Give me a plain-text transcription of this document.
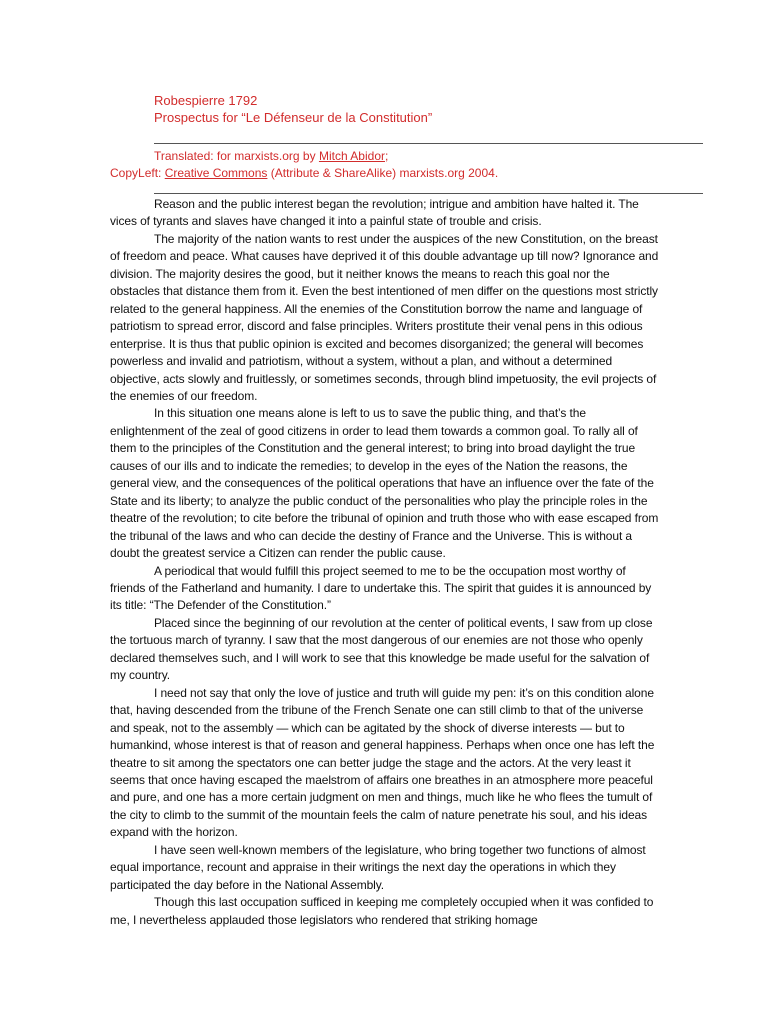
Robespierre 1792
Prospectus for “Le Défenseur de la Constitution”
Translated: for marxists.org by Mitch Abidor;
CopyLeft: Creative Commons (Attribute & ShareAlike) marxists.org 2004.

Reason and the public interest began the revolution; intrigue and ambition have halted it. The vices of tyrants and slaves have changed it into a painful state of trouble and crisis.

The majority of the nation wants to rest under the auspices of the new Constitution, on the breast of freedom and peace. What causes have deprived it of this double advantage up till now? Ignorance and division. The majority desires the good, but it neither knows the means to reach this goal nor the obstacles that distance them from it. Even the best intentioned of men differ on the questions most strictly related to the general happiness. All the enemies of the Constitution borrow the name and language of patriotism to spread error, discord and false principles. Writers prostitute their venal pens in this odious enterprise. It is thus that public opinion is excited and becomes disorganized; the general will becomes powerless and invalid and patriotism, without a system, without a plan, and without a determined objective, acts slowly and fruitlessly, or sometimes seconds, through blind impetuosity, the evil projects of the enemies of our freedom.

In this situation one means alone is left to us to save the public thing, and that’s the enlightenment of the zeal of good citizens in order to lead them towards a common goal. To rally all of them to the principles of the Constitution and the general interest; to bring into broad daylight the true causes of our ills and to indicate the remedies; to develop in the eyes of the Nation the reasons, the general view, and the consequences of the political operations that have an influence over the fate of the State and its liberty; to analyze the public conduct of the personalities who play the principle roles in the theatre of the revolution; to cite before the tribunal of opinion and truth those who with ease escaped from the tribunal of the laws and who can decide the destiny of France and the Universe. This is without a doubt the greatest service a Citizen can render the public cause.

A periodical that would fulfill this project seemed to me to be the occupation most worthy of friends of the Fatherland and humanity. I dare to undertake this. The spirit that guides it is announced by its title: “The Defender of the Constitution.”

Placed since the beginning of our revolution at the center of political events, I saw from up close the tortuous march of tyranny. I saw that the most dangerous of our enemies are not those who openly declared themselves such, and I will work to see that this knowledge be made useful for the salvation of my country.

I need not say that only the love of justice and truth will guide my pen: it’s on this condition alone that, having descended from the tribune of the French Senate one can still climb to that of the universe and speak, not to the assembly — which can be agitated by the shock of diverse interests — but to humankind, whose interest is that of reason and general happiness. Perhaps when once one has left the theatre to sit among the spectators one can better judge the stage and the actors. At the very least it seems that once having escaped the maelstrom of affairs one breathes in an atmosphere more peaceful and pure, and one has a more certain judgment on men and things, much like he who flees the tumult of the city to climb to the summit of the mountain feels the calm of nature penetrate his soul, and his ideas expand with the horizon.

I have seen well-known members of the legislature, who bring together two functions of almost equal importance, recount and appraise in their writings the next day the operations in which they participated the day before in the National Assembly.

Though this last occupation sufficed in keeping me completely occupied when it was confided to me, I nevertheless applauded those legislators who rendered that striking homage
